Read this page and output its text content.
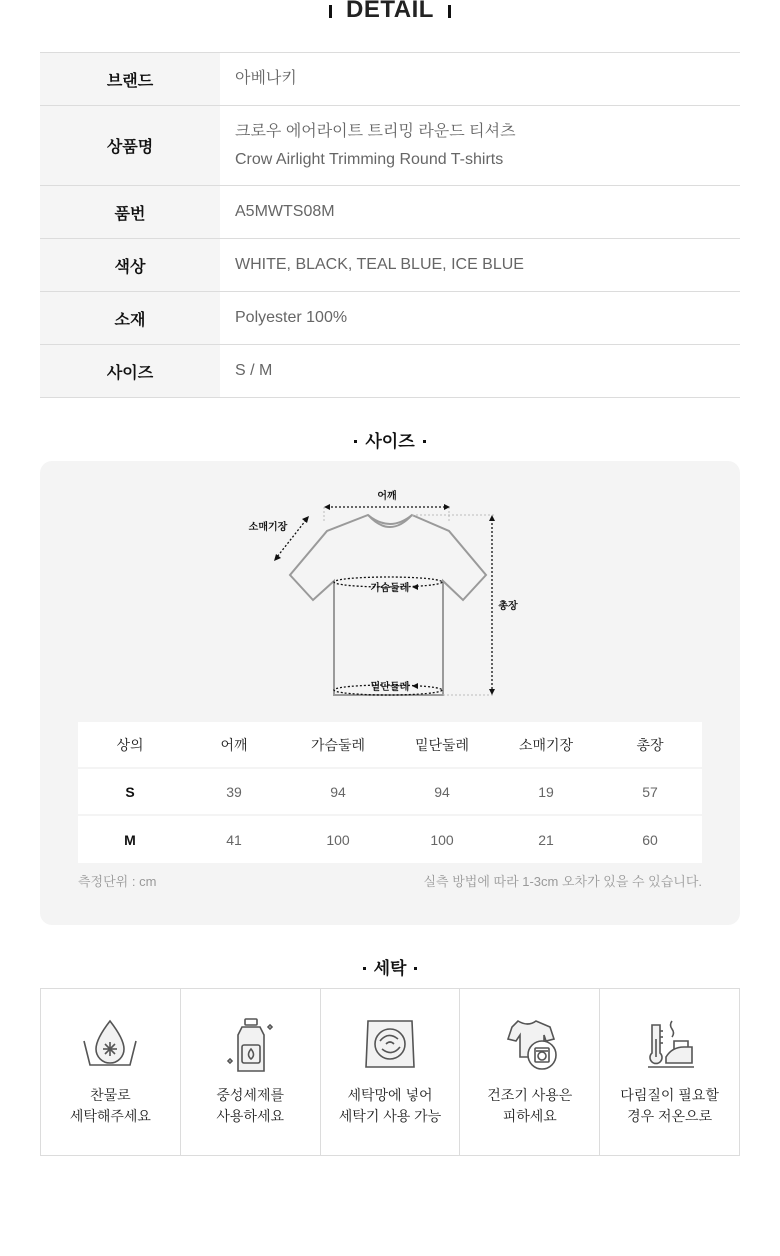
DETAIL
브랜드	아베나키
상품명
크로우 에어라이트 트리밍 라운드 티셔츠
Crow Airlight Trimming Round T-shirts
품번	A5MWTS08M
색상	WHITE, BLACK, TEAL BLUE, ICE BLUE
소재	Polyester 100%
사이즈	S / M
사이즈
어깨
소매기장
가슴둘레
밑단둘레
총장
상의	어깨	가슴둘레	밑단둘레	소매기장	총장
S	39	94	94	19	57
M	41	100	100	21	60
측정단위 : cm	실측 방법에 따라 1-3cm 오차가 있을 수 있습니다.
세탁
찬물로
세탁해주세요
중성세제를
사용하세요
세탁망에 넣어
세탁기 사용 가능
건조기 사용은
피하세요
다림질이 필요할
경우 저온으로
